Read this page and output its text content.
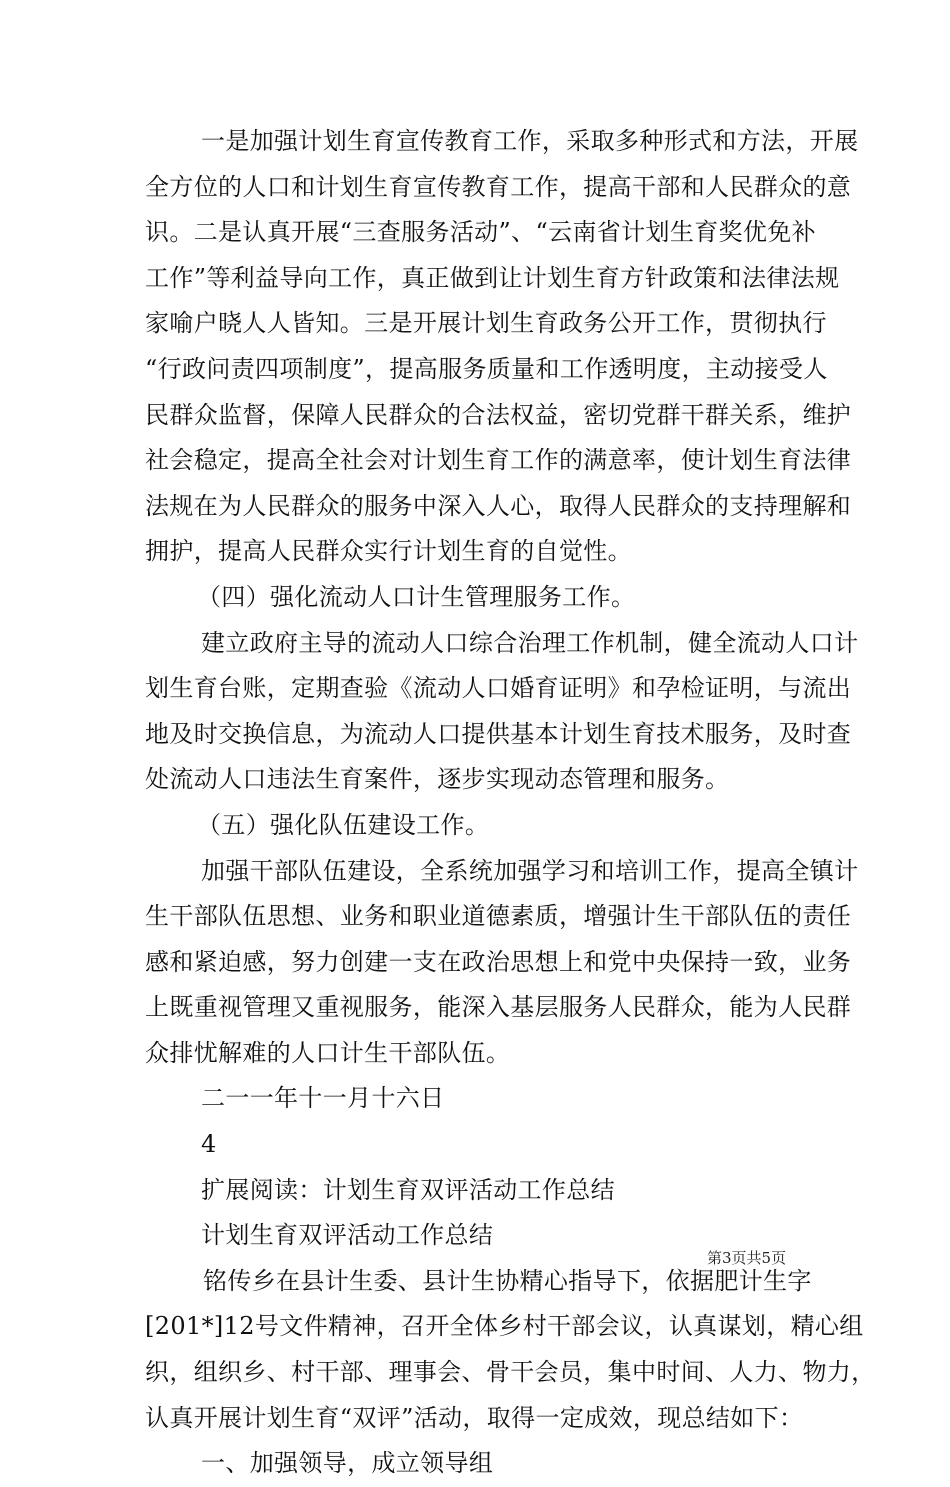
一是加强计划生育宣传教育工作，采取多种形式和方法，开展
全方位的人口和计划生育宣传教育工作，提高干部和人民群众的意
识。二是认真开展“三查服务活动”、“云南省计划生育奖优免补
工作”等利益导向工作，真正做到让计划生育方针政策和法律法规
家喻户晓人人皆知。三是开展计划生育政务公开工作，贯彻执行
“行政问责四项制度”，提高服务质量和工作透明度，主动接受人
民群众监督，保障人民群众的合法权益，密切党群干群关系，维护
社会稳定，提高全社会对计划生育工作的满意率，使计划生育法律
法规在为人民群众的服务中深入人心，取得人民群众的支持理解和
拥护，提高人民群众实行计划生育的自觉性。
（四）强化流动人口计生管理服务工作。
建立政府主导的流动人口综合治理工作机制，健全流动人口计
划生育台账，定期查验《流动人口婚育证明》和孕检证明，与流出
地及时交换信息，为流动人口提供基本计划生育技术服务，及时查
处流动人口违法生育案件，逐步实现动态管理和服务。
（五）强化队伍建设工作。
加强干部队伍建设，全系统加强学习和培训工作，提高全镇计
生干部队伍思想、业务和职业道德素质，增强计生干部队伍的责任
感和紧迫感，努力创建一支在政治思想上和党中央保持一致，业务
上既重视管理又重视服务，能深入基层服务人民群众，能为人民群
众排忧解难的人口计生干部队伍。
二一一年十一月十六日
4
扩展阅读：计划生育双评活动工作总结
计划生育双评活动工作总结
铭传乡在县计生委、县计生协精心指导下，依据肥计生字
[201*]12号文件精神，召开全体乡村干部会议，认真谋划，精心组
织，组织乡、村干部、理事会、骨干会员，集中时间、人力、物力，
认真开展计划生育“双评”活动，取得一定成效，现总结如下：
一、加强领导，成立领导组
第3页共5页
